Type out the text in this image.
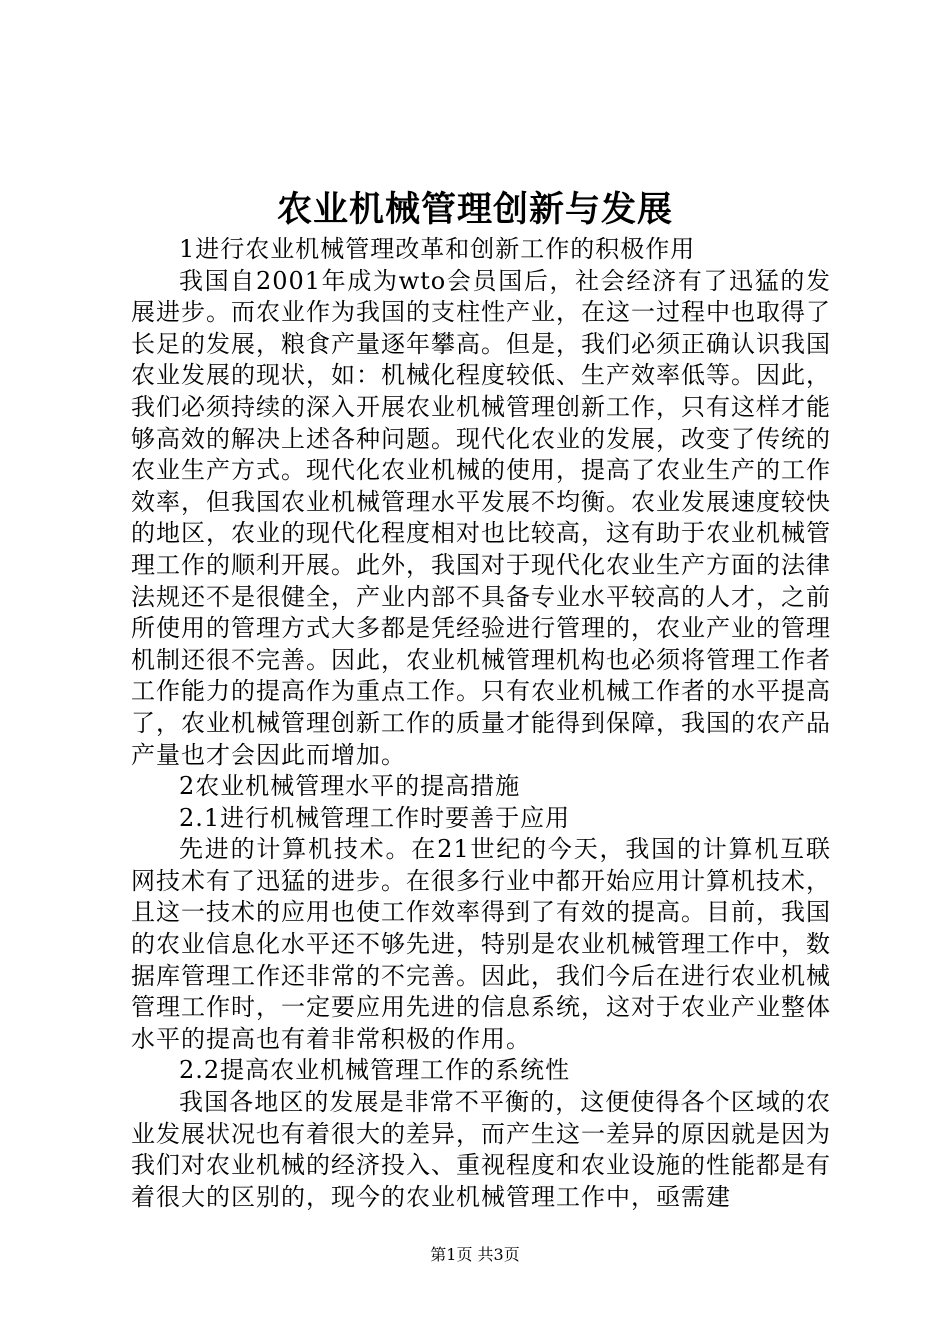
农业机械管理创新与发展

1进行农业机械管理改革和创新工作的积极作用

我国自2001年成为wto会员国后，社会经济有了迅猛的发展进步。而农业作为我国的支柱性产业，在这一过程中也取得了长足的发展，粮食产量逐年攀高。但是，我们必须正确认识我国农业发展的现状，如：机械化程度较低、生产效率低等。因此，我们必须持续的深入开展农业机械管理创新工作，只有这样才能够高效的解决上述各种问题。现代化农业的发展，改变了传统的农业生产方式。现代化农业机械的使用，提高了农业生产的工作效率，但我国农业机械管理水平发展不均衡。农业发展速度较快的地区，农业的现代化程度相对也比较高，这有助于农业机械管理工作的顺利开展。此外，我国对于现代化农业生产方面的法律法规还不是很健全，产业内部不具备专业水平较高的人才，之前所使用的管理方式大多都是凭经验进行管理的，农业产业的管理机制还很不完善。因此，农业机械管理机构也必须将管理工作者工作能力的提高作为重点工作。只有农业机械工作者的水平提高了，农业机械管理创新工作的质量才能得到保障，我国的农产品产量也才会因此而增加。

2农业机械管理水平的提高措施

2.1进行机械管理工作时要善于应用

先进的计算机技术。在21世纪的今天，我国的计算机互联网技术有了迅猛的进步。在很多行业中都开始应用计算机技术，且这一技术的应用也使工作效率得到了有效的提高。目前，我国的农业信息化水平还不够先进，特别是农业机械管理工作中，数据库管理工作还非常的不完善。因此，我们今后在进行农业机械管理工作时，一定要应用先进的信息系统，这对于农业产业整体水平的提高也有着非常积极的作用。

2.2提高农业机械管理工作的系统性

我国各地区的发展是非常不平衡的，这便使得各个区域的农业发展状况也有着很大的差异，而产生这一差异的原因就是因为我们对农业机械的经济投入、重视程度和农业设施的性能都是有着很大的区别的，现今的农业机械管理工作中，亟需建

第1页 共3页
